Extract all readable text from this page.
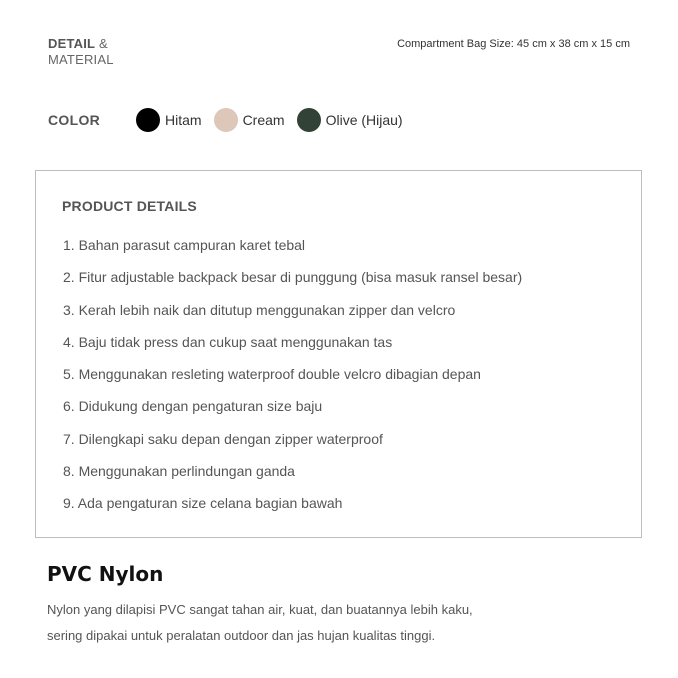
DETAIL &
MATERIAL
Compartment Bag Size: 45 cm x 38 cm x 15 cm
COLOR	Hitam	Cream	Olive (Hijau)
PRODUCT DETAILS
1. Bahan parasut campuran karet tebal
2. Fitur adjustable backpack besar di punggung (bisa masuk ransel besar)
3. Kerah lebih naik dan ditutup menggunakan zipper dan velcro
4. Baju tidak press dan cukup saat menggunakan tas
5. Menggunakan resleting waterproof double velcro dibagian depan
6. Didukung dengan pengaturan size baju
7. Dilengkapi saku depan dengan zipper waterproof
8. Menggunakan perlindungan ganda
9. Ada pengaturan size celana bagian bawah
PVC Nylon
Nylon yang dilapisi PVC sangat tahan air, kuat, dan buatannya lebih kaku,
sering dipakai untuk peralatan outdoor dan jas hujan kualitas tinggi.
